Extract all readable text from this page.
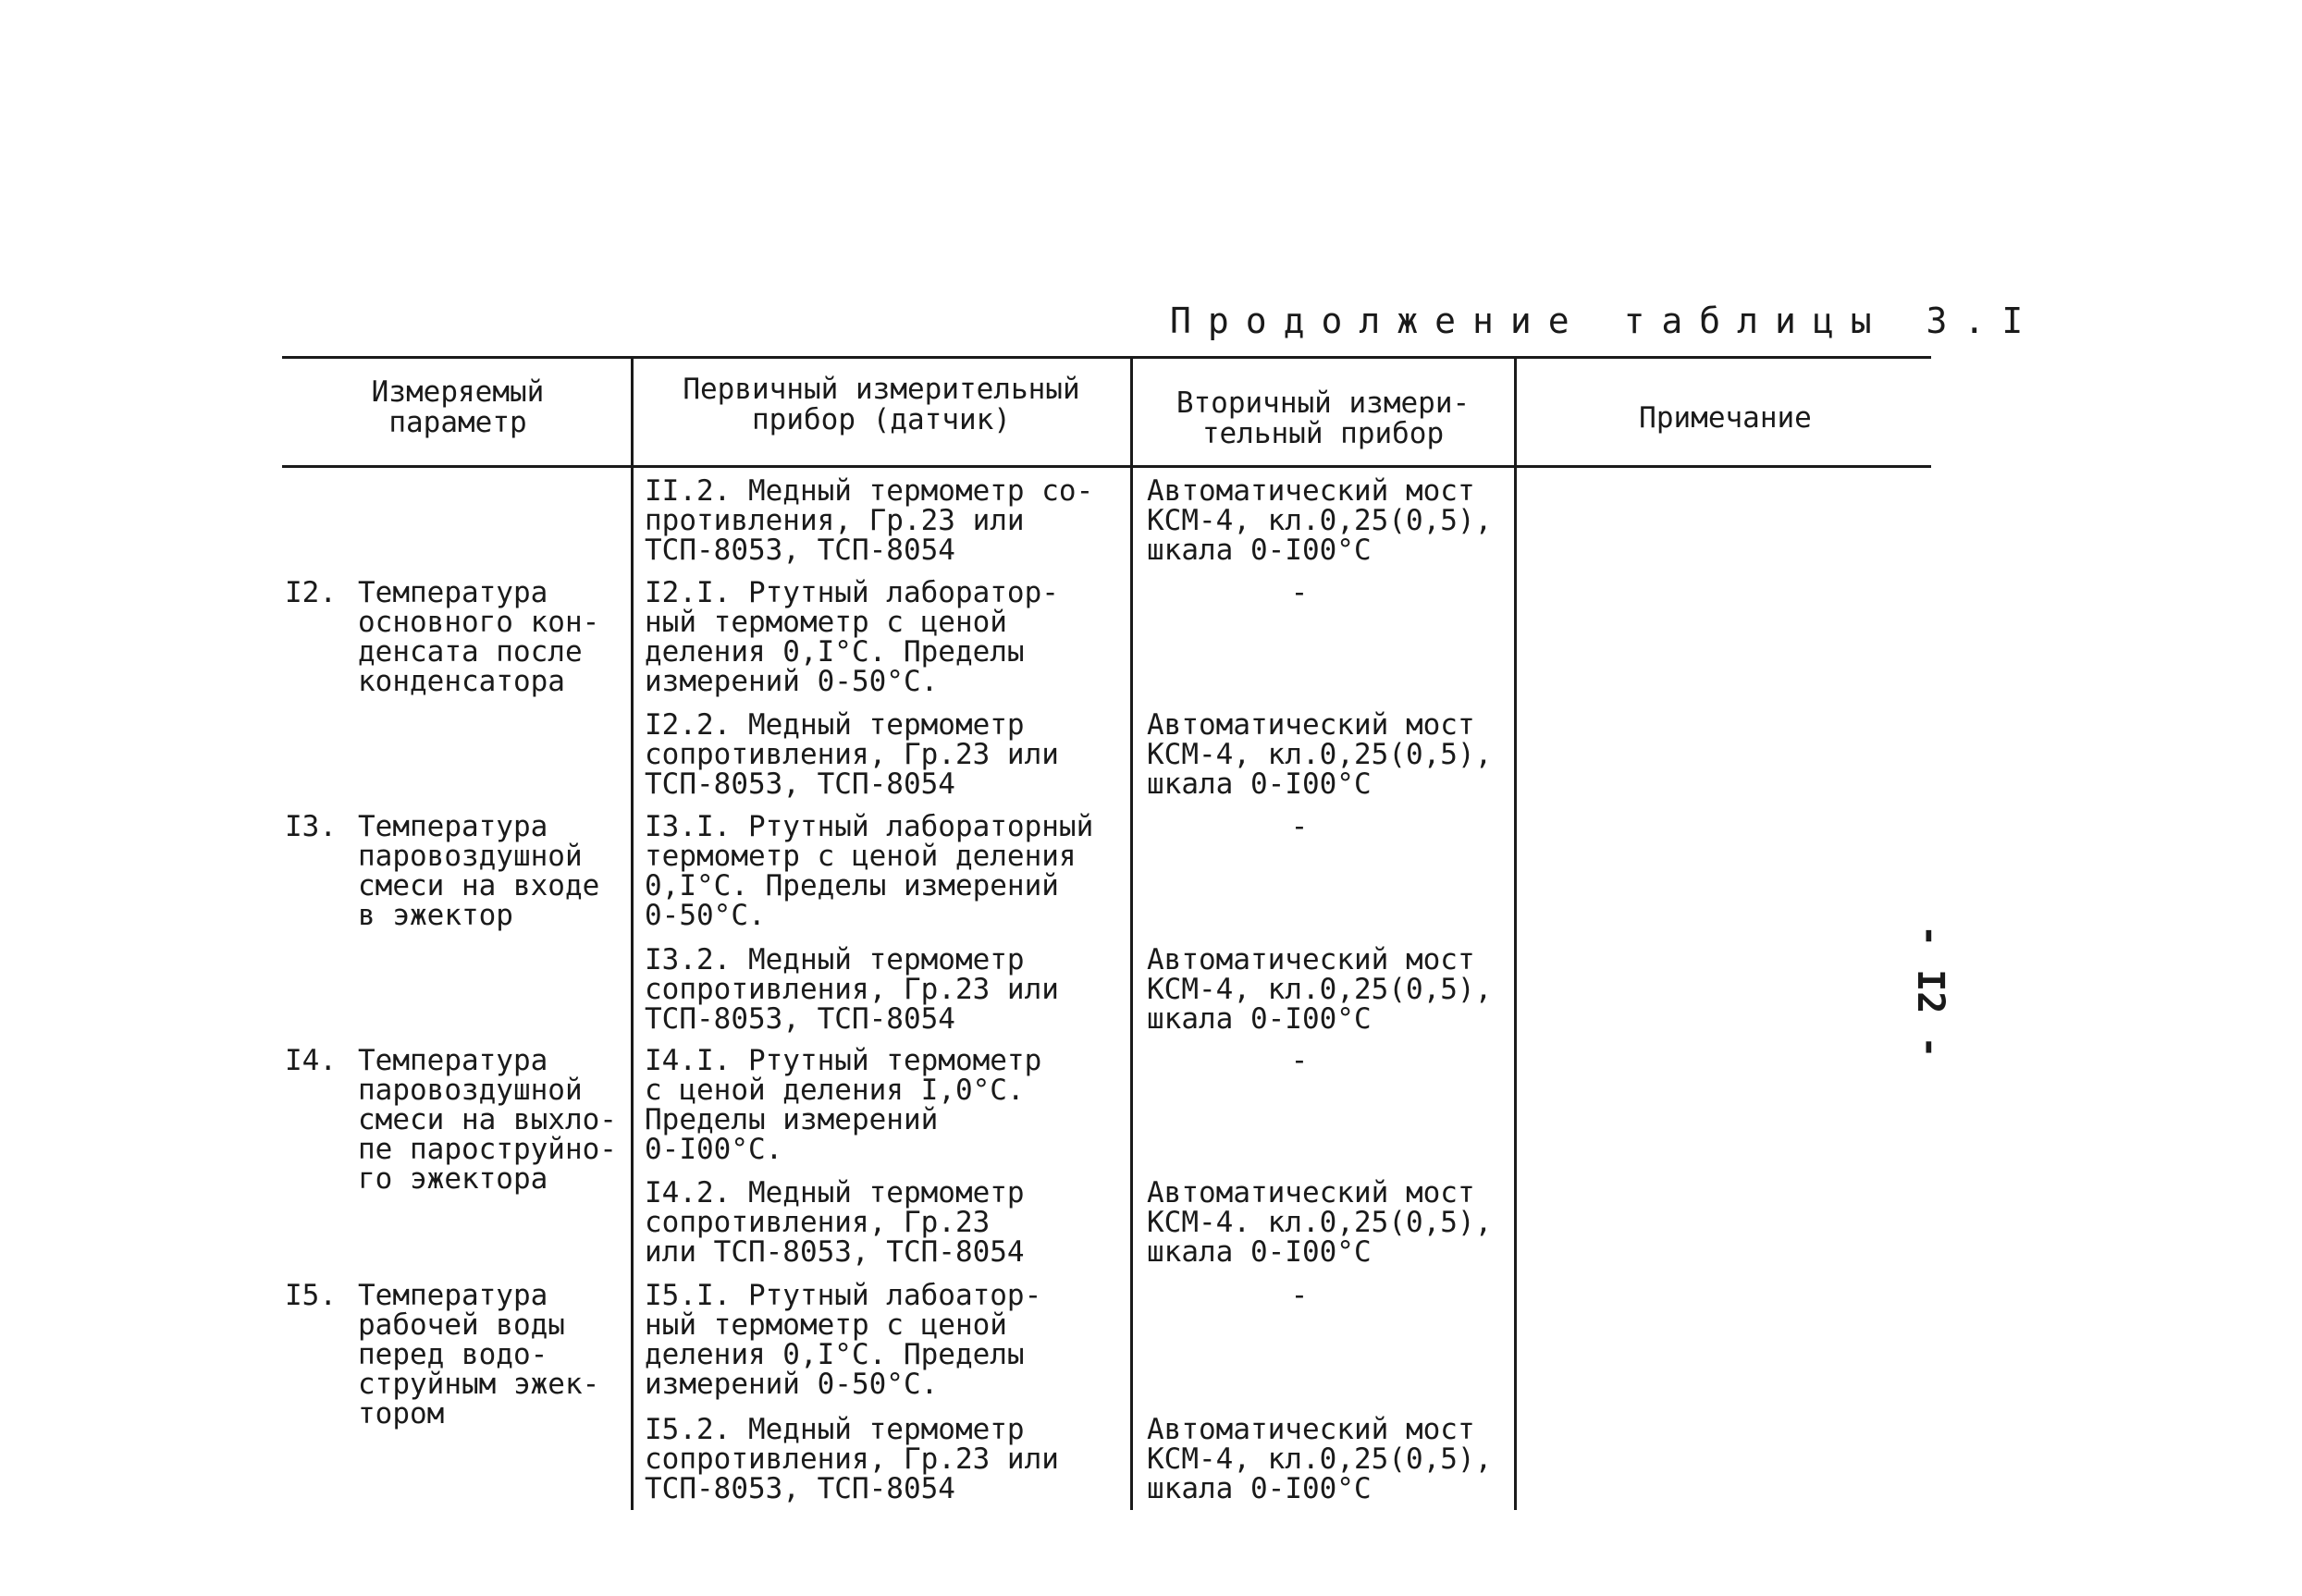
Продолжение таблицы 3.I
Измеряемый
параметр
Первичный измерительный
прибор (датчик)	Вторичный измери-
тельный прибор	Примечание
II.2. Медный термометр со-
противления, Гр.23 или
ТСП-8053, ТСП-8054
Автоматический мост
КСМ-4, кл.0,25(0,5),
шкала 0-I00°С
I2. Температура
основного кон-
денсата после
конденсатора
I2.I. Ртутный лаборатор-
ный термометр с ценой
деления 0,I°С. Пределы
измерений 0-50°С.
-
I2.2. Медный термометр
сопротивления, Гр.23 или
ТСП-8053, ТСП-8054
Автоматический мост
КСМ-4, кл.0,25(0,5),
шкала 0-I00°С
I3. Температура
паровоздушной
смеси на входе
в эжектор
I3.I. Ртутный лабораторный
термометр с ценой деления
0,I°С. Пределы измерений
0-50°С.
-
I3.2. Медный термометр
сопротивления, Гр.23 или
ТСП-8053, ТСП-8054
Автоматический мост
КСМ-4, кл.0,25(0,5),
шкала 0-I00°С
I4. Температура
паровоздушной
смеси на выхло-
пе пароструйно-
го эжектора
I4.I. Ртутный термометр
с ценой деления I,0°С.
Пределы измерений
0-I00°С.
-
I4.2. Медный термометр
сопротивления, Гр.23
или ТСП-8053, ТСП-8054
Автоматический мост
КСМ-4. кл.0,25(0,5),
шкала 0-I00°С
I5. Температура
рабочей воды
перед водо-
струйным эжек-
тором
I5.I. Ртутный лабоaтор-
ный термометр с ценой
деления 0,I°С. Пределы
измерений 0-50°С.
-
I5.2. Медный термометр
сопротивления, Гр.23 или
ТСП-8053, ТСП-8054
Автоматический мост
КСМ-4, кл.0,25(0,5),
шкала 0-I00°С
- I2 -
